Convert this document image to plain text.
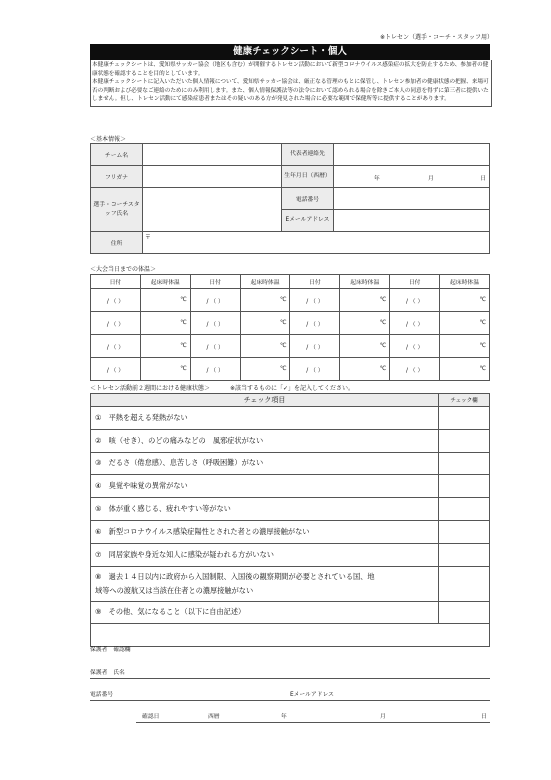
※トレセン（選手・コーチ・スタッフ用）
健康チェックシート・個人

本健康チェックシートは、愛知県サッカー協会（地区も含む）が開催するトレセン活動において新型コロナウイルス感染症の拡大を防止するため、参加者の健康状態を確認することを目的としています。

本健康チェックシートに記入いただいた個人情報について、愛知県サッカー協会は、厳正なる管理のもとに保管し、トレセン参加者の健康状態の把握、来場可否の判断および必要なご連絡のためにのみ利用します。また、個人情報保護法等の法令において認められる場合を除きご本人の同意を得ずに第三者に提供いたしません。但し、トレセン活動にて感染症患者またはその疑いのある方が発見された場合に必要な範囲で保健所等に提供することがあります。

＜基本情報＞
チーム名		代表者連絡先	
フリガナ		生年月日（西暦）	年 月 日

選手・コーチスタッフ氏名		電話番号	
		Eメールアドレス	
住所	〒		
＜大会当日までの体温＞
日付	起床時体温	日付	起床時体温	日付	起床時体温	日付	起床時体温
/ （ ）	℃	/ （ ）	℃	/ （ ）	℃	/ （ ）	℃
/ （ ）	℃	/ （ ）	℃	/ （ ）	℃	/ （ ）	℃
/ （ ）	℃	/ （ ）	℃	/ （ ）	℃	/ （ ）	℃
/ （ ）	℃	/ （ ）	℃	/ （ ）	℃	/ （ ）	℃
＜トレセン活動前２週間における健康状態＞	※該当するものに「✓」を記入してください。
チェック項目	チェック欄
①　平熱を超える発熱がない	
②　咳（せき）、のどの痛みなどの　風邪症状がない	
③　だるさ（倦怠感）、息苦しさ（呼吸困難）がない	
④　臭覚や味覚の異常がない	
⑤　体が重く感じる、疲れやすい等がない	
⑥　新型コロナウイルス感染症陽性とされた者との濃厚接触がない	
⑦　同居家族や身近な知人に感染が疑われる方がいない	

⑧　過去１４日以内に政府から入国制限、入国後の観察期間が必要とされている国、地
域等への渡航又は当該在住者との濃厚接触がない	

⑨　その他、気になること（以下に自由記述）	

保護者　確認欄
保護者　氏名
電話番号	Eメールアドレス
確認日	西暦	年	月	日
